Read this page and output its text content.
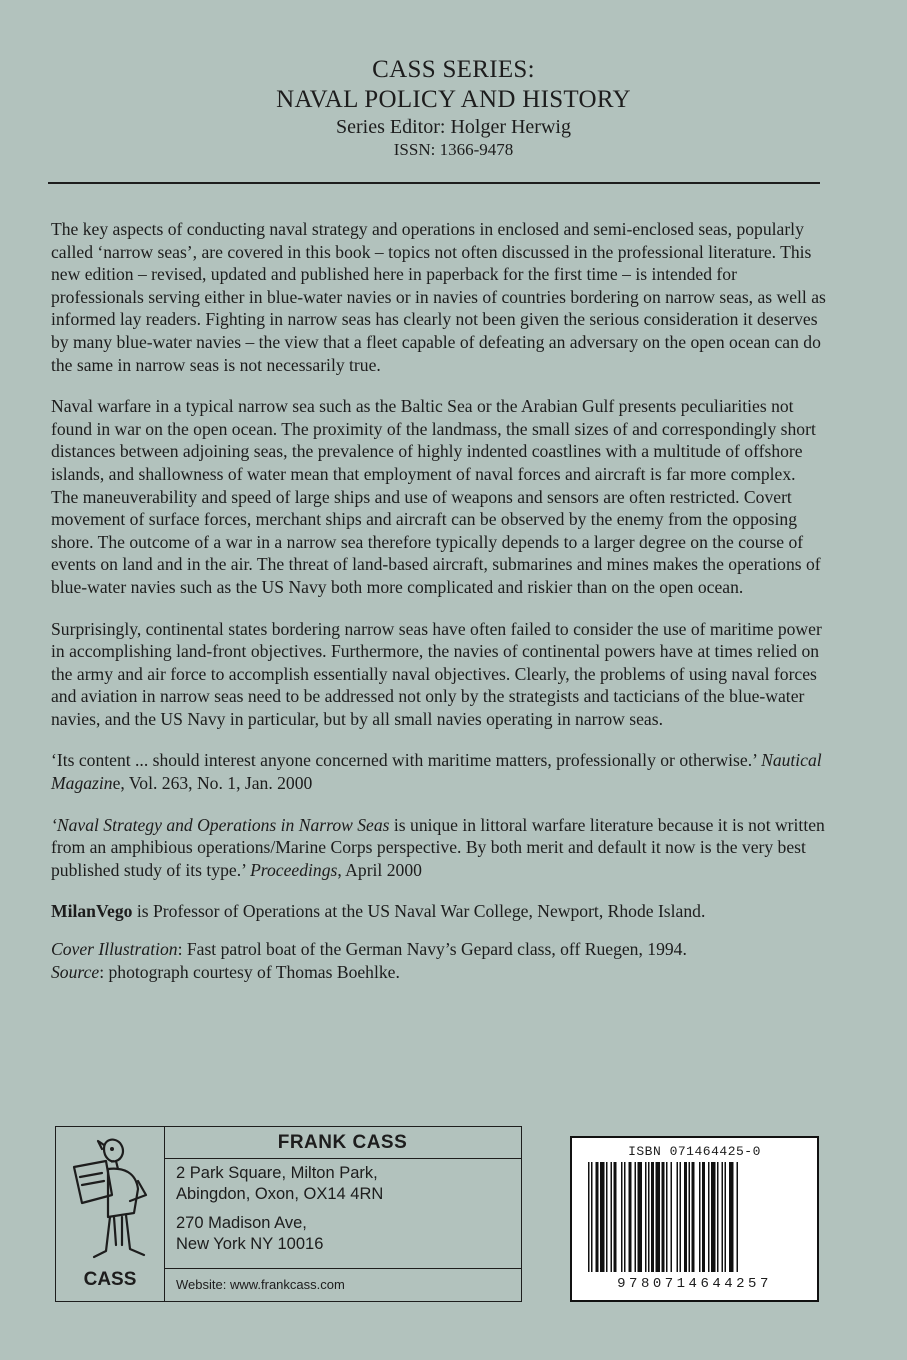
CASS SERIES:
NAVAL POLICY AND HISTORY
Series Editor: Holger Herwig
ISSN: 1366-9478

The key aspects of conducting naval strategy and operations in enclosed and semi-enclosed seas, popularly called ‘narrow seas’, are covered in this book – topics not often discussed in the professional literature. This new edition – revised, updated and published here in paperback for the first time – is intended for professionals serving either in blue-water navies or in navies of countries bordering on narrow seas, as well as informed lay readers. Fighting in narrow seas has clearly not been given the serious consideration it deserves by many blue-water navies – the view that a fleet capable of defeating an adversary on the open ocean can do the same in narrow seas is not necessarily true.

Naval warfare in a typical narrow sea such as the Baltic Sea or the Arabian Gulf presents peculiarities not found in war on the open ocean. The proximity of the landmass, the small sizes of and correspondingly short distances between adjoining seas, the prevalence of highly indented coastlines with a multitude of offshore islands, and shallowness of water mean that employment of naval forces and aircraft is far more complex. The maneuverability and speed of large ships and use of weapons and sensors are often restricted. Covert movement of surface forces, merchant ships and aircraft can be observed by the enemy from the opposing shore. The outcome of a war in a narrow sea therefore typically depends to a larger degree on the course of events on land and in the air. The threat of land-based aircraft, submarines and mines makes the operations of blue-water navies such as the US Navy both more complicated and riskier than on the open ocean.

Surprisingly, continental states bordering narrow seas have often failed to consider the use of maritime power in accomplishing land-front objectives. Furthermore, the navies of continental powers have at times relied on the army and air force to accomplish essentially naval objectives. Clearly, the problems of using naval forces and aviation in narrow seas need to be addressed not only by the strategists and tacticians of the blue-water navies, and the US Navy in particular, but by all small navies operating in narrow seas.

‘Its content ... should interest anyone concerned with maritime matters, professionally or otherwise.’ Nautical Magazine, Vol. 263, No. 1, Jan. 2000

‘Naval Strategy and Operations in Narrow Seas is unique in littoral warfare literature because it is not written from an amphibious operations/Marine Corps perspective. By both merit and default it now is the very best published study of its type.’ Proceedings, April 2000

MilanVego is Professor of Operations at the US Naval War College, Newport, Rhode Island.

Cover Illustration: Fast patrol boat of the German Navy’s Gepard class, off Ruegen, 1994.

Source: photograph courtesy of Thomas Boehlke.

CASS
FRANK CASS
2 Park Square, Milton Park,
Abingdon, Oxon, OX14 4RN
270 Madison Ave,
New York NY 10016
Website: www.frankcass.com
ISBN 071464425-0
9780714644257
